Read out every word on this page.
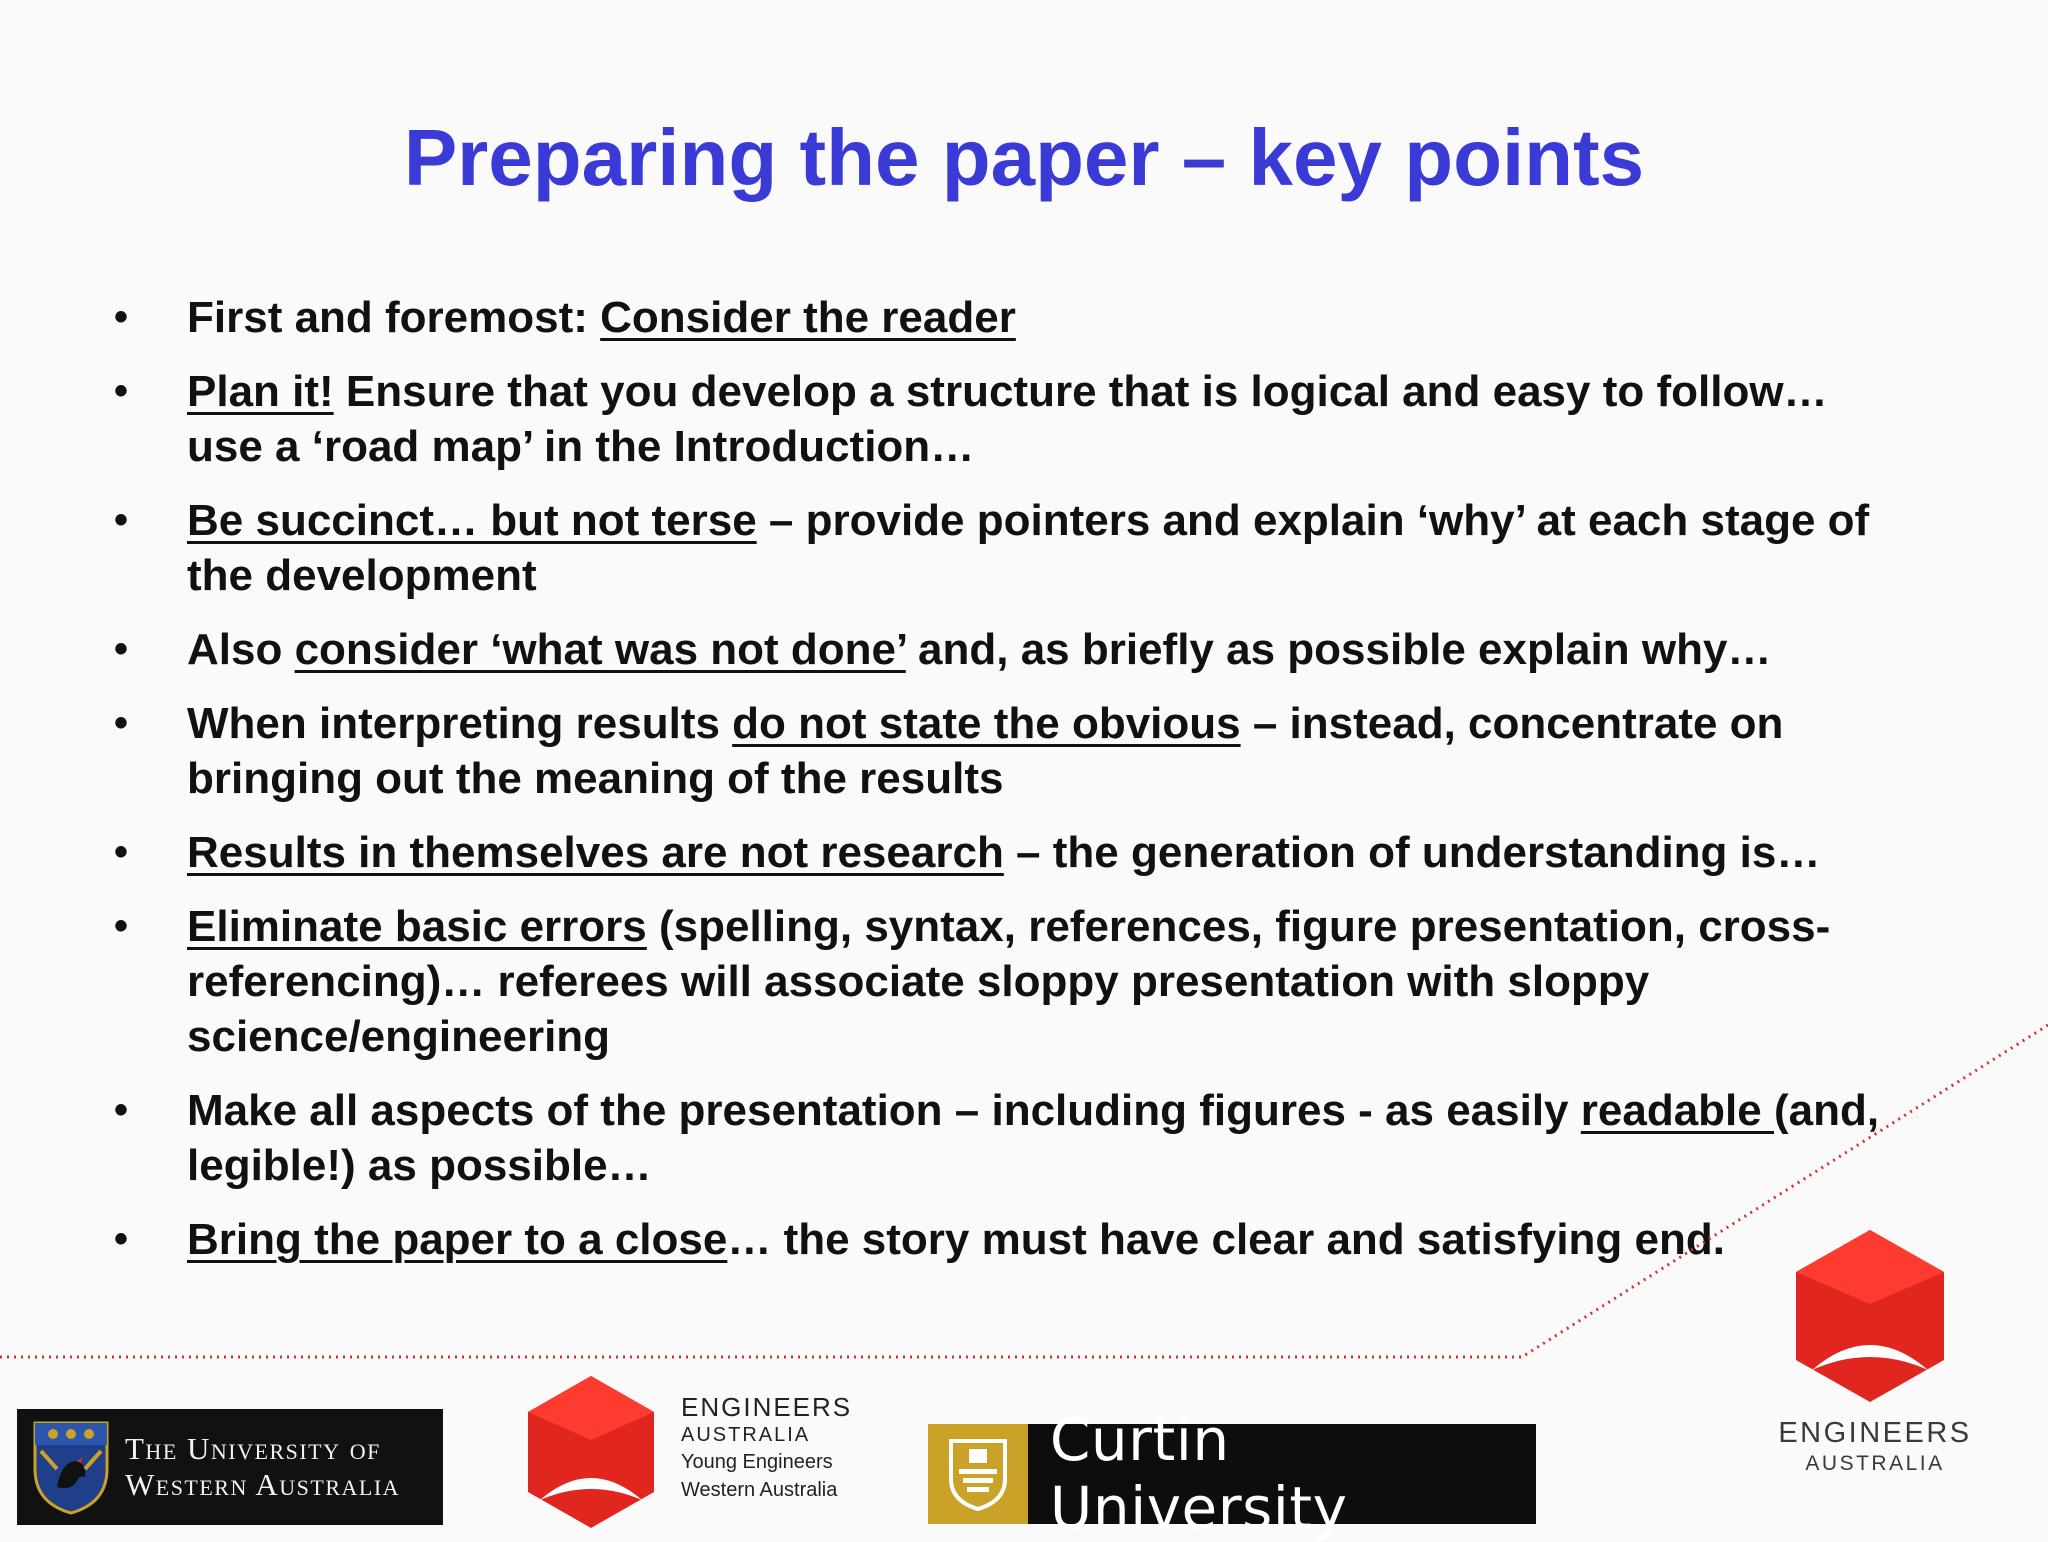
Preparing the paper – key points
• First and foremost: Consider the reader
• Plan it! Ensure that you develop a structure that is logical and easy to follow… use a ‘road map’ in the Introduction…
• Be succinct… but not terse – provide pointers and explain ‘why’ at each stage of the development
• Also consider ‘what was not done’ and, as briefly as possible explain why…
• When interpreting results do not state the obvious – instead, concentrate on bringing out the meaning of the results
• Results in themselves are not research – the generation of understanding is…
• Eliminate basic errors (spelling, syntax, references, figure presentation, cross-referencing)… referees will associate sloppy presentation with sloppy science/engineering
• Make all aspects of the presentation – including figures - as easily readable (and, legible!) as possible…
• Bring the paper to a close… the story must have clear and satisfying end.
The University of
Western Australia
ENGINEERS
AUSTRALIA
Young Engineers
Western Australia
Curtin University
ENGINEERS
AUSTRALIA
